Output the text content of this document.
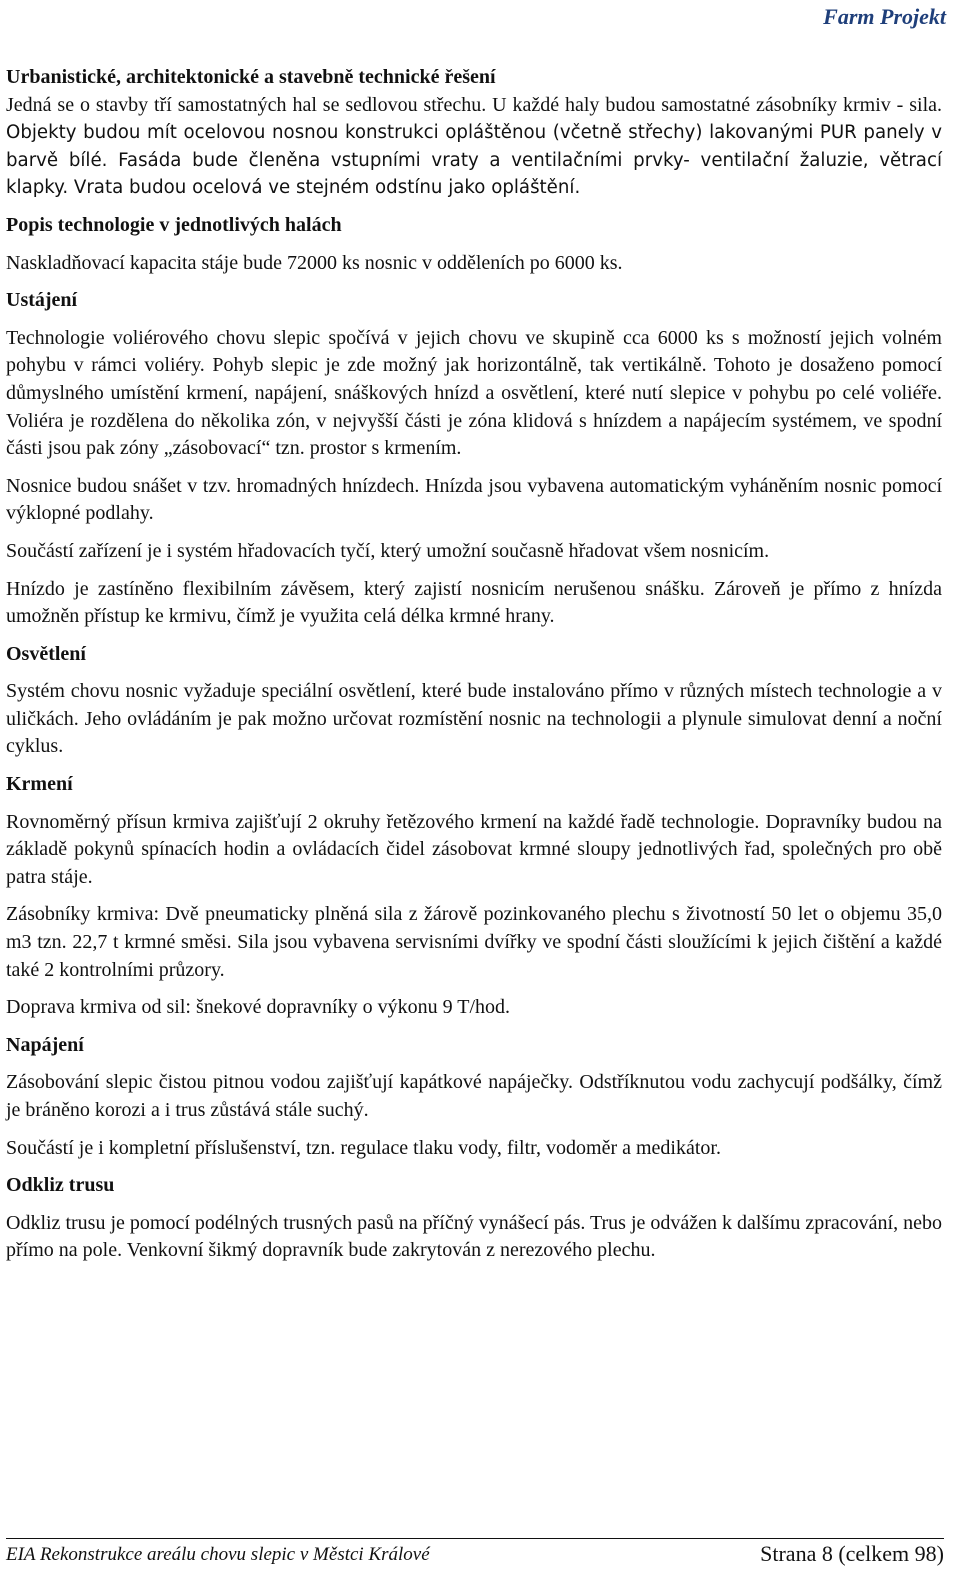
Farm Projekt
Urbanistické, architektonické a stavebně technické řešení

Jedná se o stavby tří samostatných hal se sedlovou střechu. U každé haly budou samostatné zásobníky krmiv - sila. Objekty budou mít ocelovou nosnou konstrukci opláštěnou (včetně střechy) lakovanými PUR panely v barvě bílé. Fasáda bude členěna vstupními vraty a ventilačními prvky- ventilační žaluzie, větrací klapky. Vrata budou ocelová ve stejném odstínu jako opláštění.

Popis technologie v jednotlivých halách

Naskladňovací kapacita stáje bude 72000 ks nosnic v odděleních po 6000 ks.

Ustájení

Technologie voliérového chovu slepic spočívá v jejich chovu ve skupině cca 6000 ks s možností jejich volném pohybu v rámci voliéry. Pohyb slepic je zde možný jak horizontálně, tak vertikálně. Tohoto je dosaženo pomocí důmyslného umístění krmení, napájení, snáškových hnízd a osvětlení, které nutí slepice v pohybu po celé voliéře. Voliéra je rozdělena do několika zón, v nejvyšší části je zóna klidová s hnízdem a napájecím systémem, ve spodní části jsou pak zóny „zásobovací“ tzn. prostor s krmením.

Nosnice budou snášet v tzv. hromadných hnízdech. Hnízda jsou vybavena automatickým vyháněním nosnic pomocí výklopné podlahy.

Součástí zařízení je i systém hřadovacích tyčí, který umožní současně hřadovat všem nosnicím.

Hnízdo je zastíněno flexibilním závěsem, který zajistí nosnicím nerušenou snášku. Zároveň je přímo z hnízda umožněn přístup ke krmivu, čímž je využita celá délka krmné hrany.

Osvětlení

Systém chovu nosnic vyžaduje speciální osvětlení, které bude instalováno přímo v různých místech technologie a v uličkách. Jeho ovládáním je pak možno určovat rozmístění nosnic na technologii a plynule simulovat denní a noční cyklus.

Krmení

Rovnoměrný přísun krmiva zajišťují 2 okruhy řetězového krmení na každé řadě technologie. Dopravníky budou na základě pokynů spínacích hodin a ovládacích čidel zásobovat krmné sloupy jednotlivých řad, společných pro obě patra stáje.

Zásobníky krmiva: Dvě pneumaticky plněná sila z žárově pozinkovaného plechu s životností 50 let o objemu 35,0 m3 tzn. 22,7 t krmné směsi. Sila jsou vybavena servisními dvířky ve spodní části sloužícími k jejich čištění a každé také 2 kontrolními průzory.

Doprava krmiva od sil: šnekové dopravníky o výkonu 9 T/hod.

Napájení

Zásobování slepic čistou pitnou vodou zajišťují kapátkové napáječky. Odstříknutou vodu zachycují podšálky, čímž je bráněno korozi a i trus zůstává stále suchý.

Součástí je i kompletní příslušenství, tzn. regulace tlaku vody, filtr, vodoměr a medikátor.

Odkliz trusu

Odkliz trusu je pomocí podélných trusných pasů na příčný vynášecí pás. Trus je odvážen k dalšímu zpracování, nebo přímo na pole. Venkovní šikmý dopravník bude zakrytován z nerezového plechu.

EIA Rekonstrukce areálu chovu slepic v Městci Králové	Strana 8 (celkem 98)
